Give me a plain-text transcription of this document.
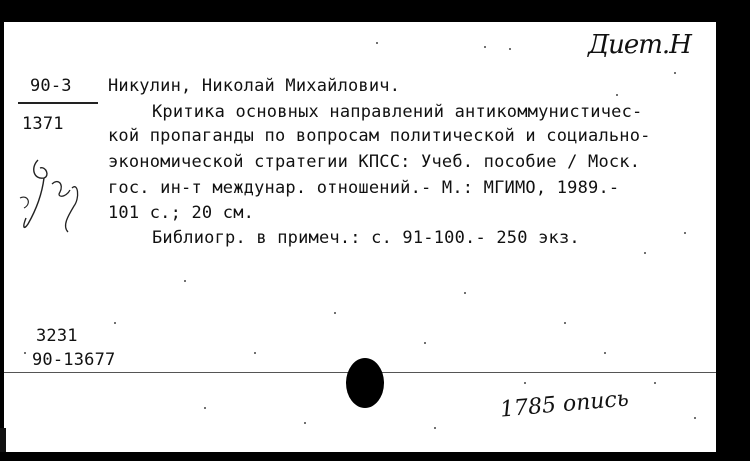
Диет.Н
90-3
1371
Никулин, Николай Михайлович.
Критика основных направлений антикоммунистичес-
кой пропаганды по вопросам политической и социально-
экономической стратегии КПСС: Учеб. пособие / Моск.
гос. ин-т междунар. отношений.- М.: МГИМО, 1989.-
101 с.; 20 см.
Библиогр. в примеч.: с. 91-100.- 250 экз.
3231
90-13677
1785 опись
